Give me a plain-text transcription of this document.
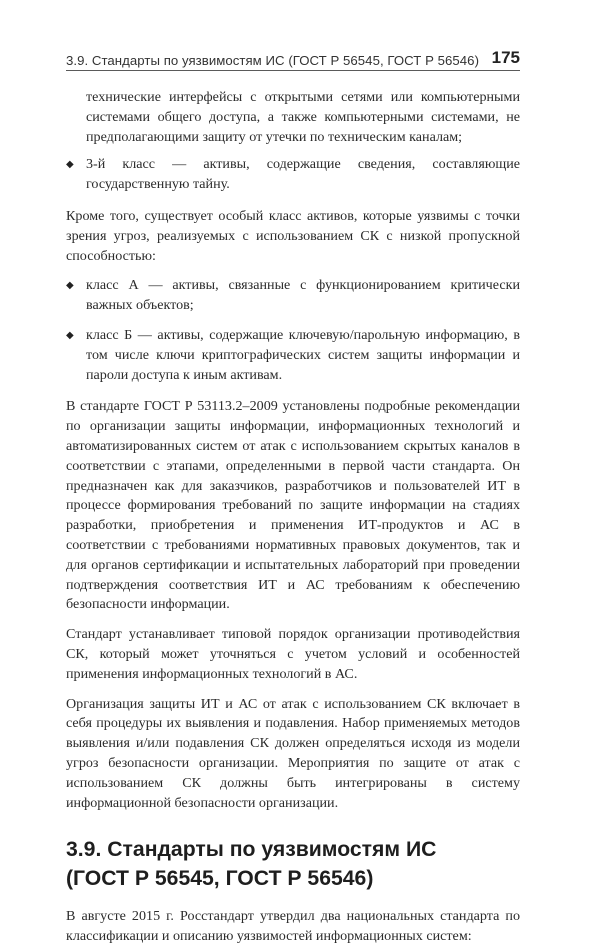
3.9. Стандарты по уязвимостям ИС (ГОСТ Р 56545, ГОСТ Р 56546) 175

технические интерфейсы с открытыми сетями или компьютерными системами общего доступа, а также компьютерными системами, не предполагающими защиту от утечки по техническим каналам;

◆ 3-й класс — активы, содержащие сведения, составляющие государственную тайну.

Кроме того, существует особый класс активов, которые уязвимы с точки зрения угроз, реализуемых с использованием СК с низкой пропускной способностью:

◆ класс А — активы, связанные с функционированием критически важных объектов;

◆ класс Б — активы, содержащие ключевую/парольную информацию, в том числе ключи криптографических систем защиты информации и пароли доступа к иным активам.

В стандарте ГОСТ Р 53113.2–2009 установлены подробные рекомендации по организации защиты информации, информационных технологий и автоматизированных систем от атак с использованием скрытых каналов в соответствии с этапами, определенными в первой части стандарта. Он предназначен как для заказчиков, разработчиков и пользователей ИТ в процессе формирования требований по защите информации на стадиях разработки, приобретения и применения ИТ-продуктов и АС в соответствии с требованиями нормативных правовых документов, так и для органов сертификации и испытательных лабораторий при проведении подтверждения соответствия ИТ и АС требованиям к обеспечению безопасности информации.

Стандарт устанавливает типовой порядок организации противодействия СК, который может уточняться с учетом условий и особенностей применения информационных технологий в АС.

Организация защиты ИТ и АС от атак с использованием СК включает в себя процедуры их выявления и подавления. Набор применяемых методов выявления и/или подавления СК должен определяться исходя из модели угроз безопасности организации. Мероприятия по защите от атак с использованием СК должны быть интегрированы в систему информационной безопасности организации.

3.9. Стандарты по уязвимостям ИС
(ГОСТ Р 56545, ГОСТ Р 56546)

В августе 2015 г. Росстандарт утвердил два национальных стандарта по классификации и описанию уязвимостей информационных систем:
